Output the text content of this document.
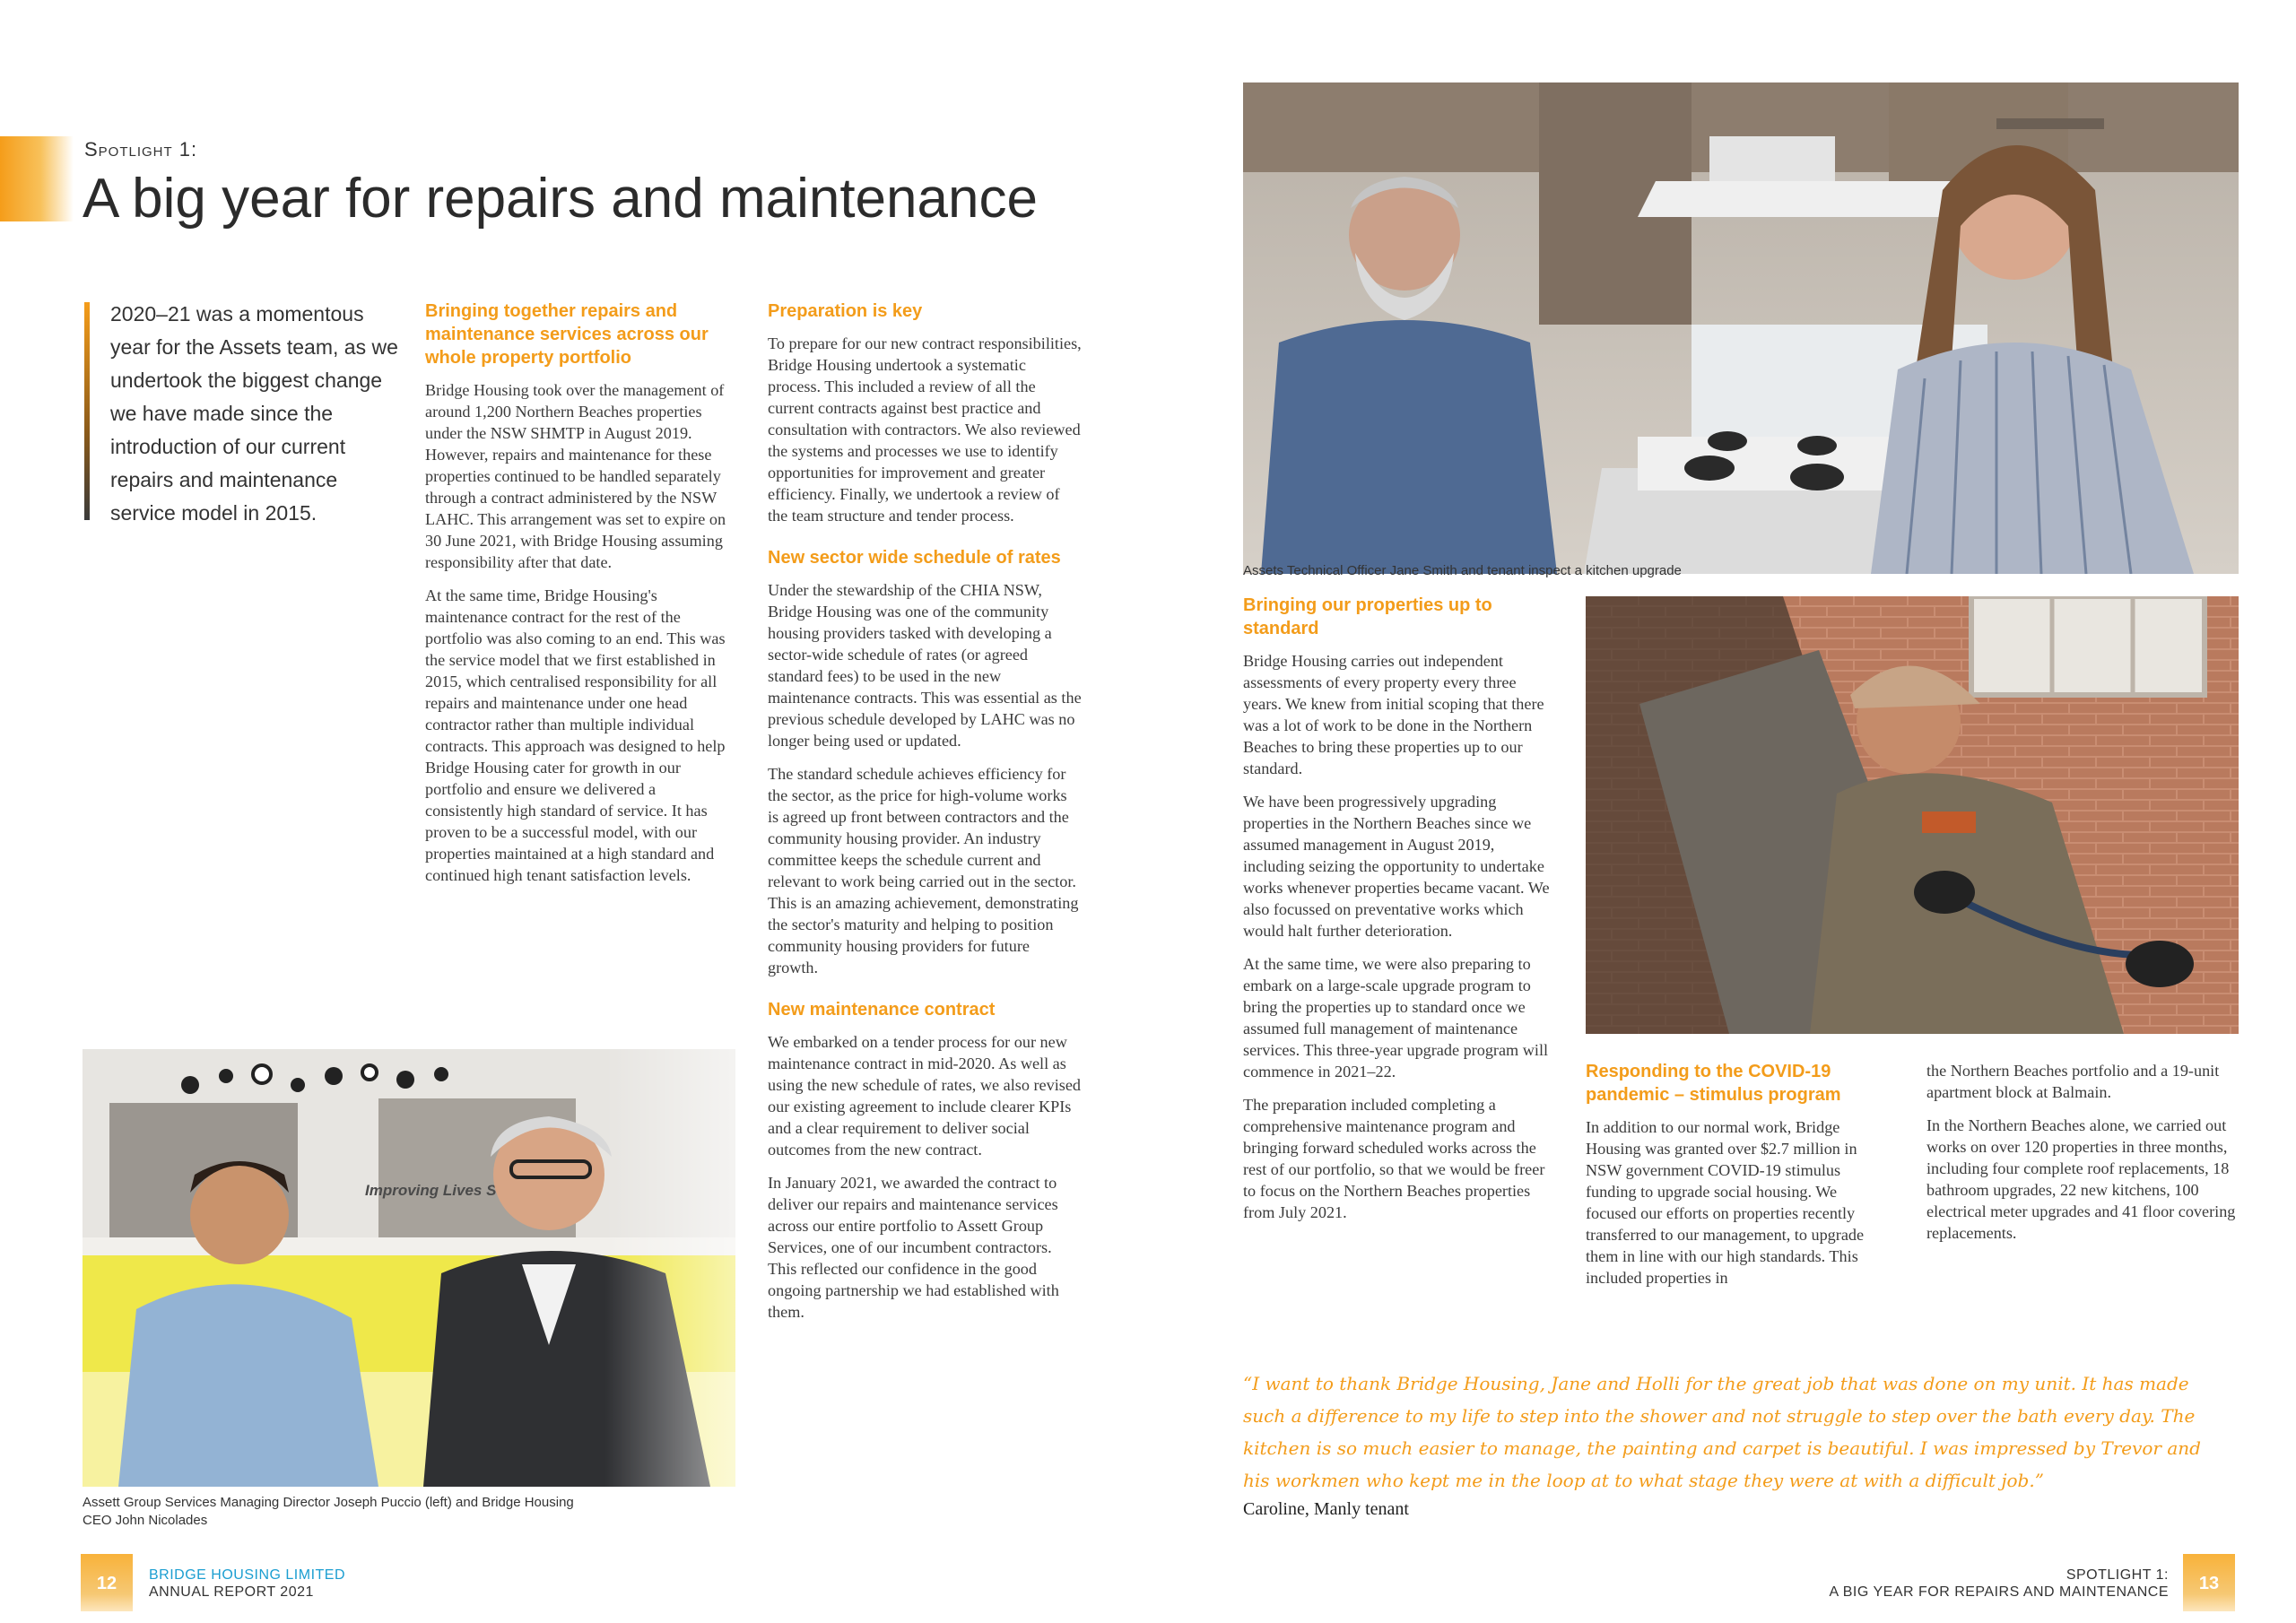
Spotlight 1:
A big year for repairs and maintenance
2020–21 was a momentous year for the Assets team, as we undertook the biggest change we have made since the introduction of our current repairs and maintenance service model in 2015.
Bringing together repairs and maintenance services across our whole property portfolio

Bridge Housing took over the management of around 1,200 Northern Beaches properties under the NSW SHMTP in August 2019. However, repairs and maintenance for these properties continued to be handled separately through a contract administered by the NSW LAHC. This arrangement was set to expire on 30 June 2021, with Bridge Housing assuming responsibility after that date.

At the same time, Bridge Housing's maintenance contract for the rest of the portfolio was also coming to an end. This was the service model that we first established in 2015, which centralised responsibility for all repairs and maintenance under one head contractor rather than multiple individual contracts. This approach was designed to help Bridge Housing cater for growth in our portfolio and ensure we delivered a consistently high standard of service. It has proven to be a successful model, with our properties maintained at a high standard and continued high tenant satisfaction levels.

Preparation is key

To prepare for our new contract responsibilities, Bridge Housing undertook a systematic process. This included a review of all the current contracts against best practice and consultation with contractors. We also reviewed the systems and processes we use to identify opportunities for improvement and greater efficiency. Finally, we undertook a review of the team structure and tender process.

New sector wide schedule of rates

Under the stewardship of the CHIA NSW, Bridge Housing was one of the community housing providers tasked with developing a sector-wide schedule of rates (or agreed standard fees) to be used in the new maintenance contracts. This was essential as the previous schedule developed by LAHC was no longer being used or updated.

The standard schedule achieves efficiency for the sector, as the price for high-volume works is agreed up front between contractors and the community housing provider. An industry committee keeps the schedule current and relevant to work being carried out in the sector. This is an amazing achievement, demonstrating the sector's maturity and helping to position community housing providers for future growth.

New maintenance contract

We embarked on a tender process for our new maintenance contract in mid-2020. As well as using the new schedule of rates, we also revised our existing agreement to include clearer KPIs and a clear requirement to deliver social outcomes from the new contract.

In January 2021, we awarded the contract to deliver our repairs and maintenance services across our entire portfolio to Assett Group Services, one of our incumbent contractors. This reflected our confidence in the good ongoing partnership we had established with them.

Assett Group Services Managing Director Joseph Puccio (left) and Bridge Housing CEO John Nicolades
Assets Technical Officer Jane Smith and tenant inspect a kitchen upgrade
Bringing our properties up to standard

Bridge Housing carries out independent assessments of every property every three years. We knew from initial scoping that there was a lot of work to be done in the Northern Beaches to bring these properties up to our standard.

We have been progressively upgrading properties in the Northern Beaches since we assumed management in August 2019, including seizing the opportunity to undertake works whenever properties became vacant. We also focussed on preventative works which would halt further deterioration.

At the same time, we were also preparing to embark on a large-scale upgrade program to bring the properties up to standard once we assumed full management of maintenance services. This three-year upgrade program will commence in 2021–22.

The preparation included completing a comprehensive maintenance program and bringing forward scheduled works across the rest of our portfolio, so that we would be freer to focus on the Northern Beaches properties from July 2021.

Responding to the COVID-19 pandemic – stimulus program

In addition to our normal work, Bridge Housing was granted over $2.7 million in NSW government COVID-19 stimulus funding to upgrade social housing. We focused our efforts on properties recently transferred to our management, to upgrade them in line with our high standards. This included properties in

the Northern Beaches portfolio and a 19-unit apartment block at Balmain.

In the Northern Beaches alone, we carried out works on over 120 properties in three months, including four complete roof replacements, 18 bathroom upgrades, 22 new kitchens, 100 electrical meter upgrades and 41 floor covering replacements.

“I want to thank Bridge Housing, Jane and Holli for the great job that was done on my unit. It has made such a difference to my life to step into the shower and not struggle to step over the bath every day. The kitchen is so much easier to manage, the painting and carpet is beautiful. I was impressed by Trevor and his workmen who kept me in the loop at to what stage they were at with a difficult job.”
Caroline, Manly tenant
12	BRIDGE HOUSING LIMITED
ANNUAL REPORT 2021
SPOTLIGHT 1:
A BIG YEAR FOR REPAIRS AND MAINTENANCE	13
